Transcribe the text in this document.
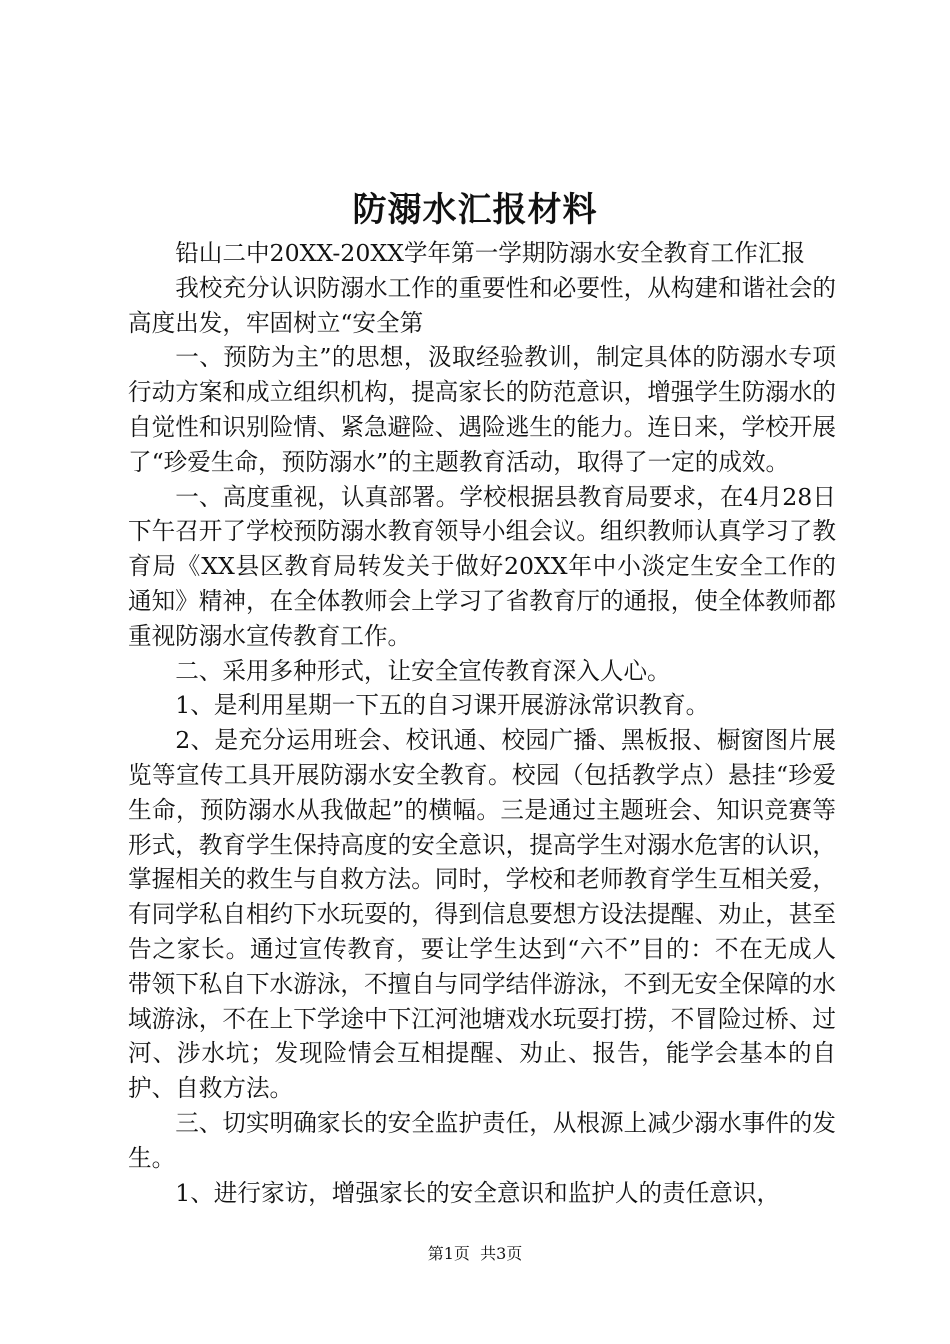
防溺水汇报材料

铅山二中20XX-20XX学年第一学期防溺水安全教育工作汇报

我校充分认识防溺水工作的重要性和必要性，从构建和谐社会的高度出发，牢固树立“安全第

一、预防为主”的思想，汲取经验教训，制定具体的防溺水专项行动方案和成立组织机构，提高家长的防范意识，增强学生防溺水的自觉性和识别险情、紧急避险、遇险逃生的能力。连日来，学校开展了“珍爱生命，预防溺水”的主题教育活动，取得了一定的成效。

一、高度重视，认真部署。学校根据县教育局要求，在4月28日下午召开了学校预防溺水教育领导小组会议。组织教师认真学习了教育局《XX县区教育局转发关于做好20XX年中小淡定生安全工作的通知》精神，在全体教师会上学习了省教育厅的通报，使全体教师都重视防溺水宣传教育工作。

二、采用多种形式，让安全宣传教育深入人心。

1、是利用星期一下五的自习课开展游泳常识教育。

2、是充分运用班会、校讯通、校园广播、黑板报、橱窗图片展览等宣传工具开展防溺水安全教育。校园（包括教学点）悬挂“珍爱生命，预防溺水从我做起”的横幅。三是通过主题班会、知识竞赛等形式，教育学生保持高度的安全意识，提高学生对溺水危害的认识，掌握相关的救生与自救方法。同时，学校和老师教育学生互相关爱，有同学私自相约下水玩耍的，得到信息要想方设法提醒、劝止，甚至告之家长。通过宣传教育，要让学生达到“六不”目的：不在无成人带领下私自下水游泳，不擅自与同学结伴游泳，不到无安全保障的水域游泳，不在上下学途中下江河池塘戏水玩耍打捞，不冒险过桥、过河、涉水坑；发现险情会互相提醒、劝止、报告，能学会基本的自护、自救方法。

三、切实明确家长的安全监护责任，从根源上减少溺水事件的发生。

1、进行家访，增强家长的安全意识和监护人的责任意识，

第1页  共3页
